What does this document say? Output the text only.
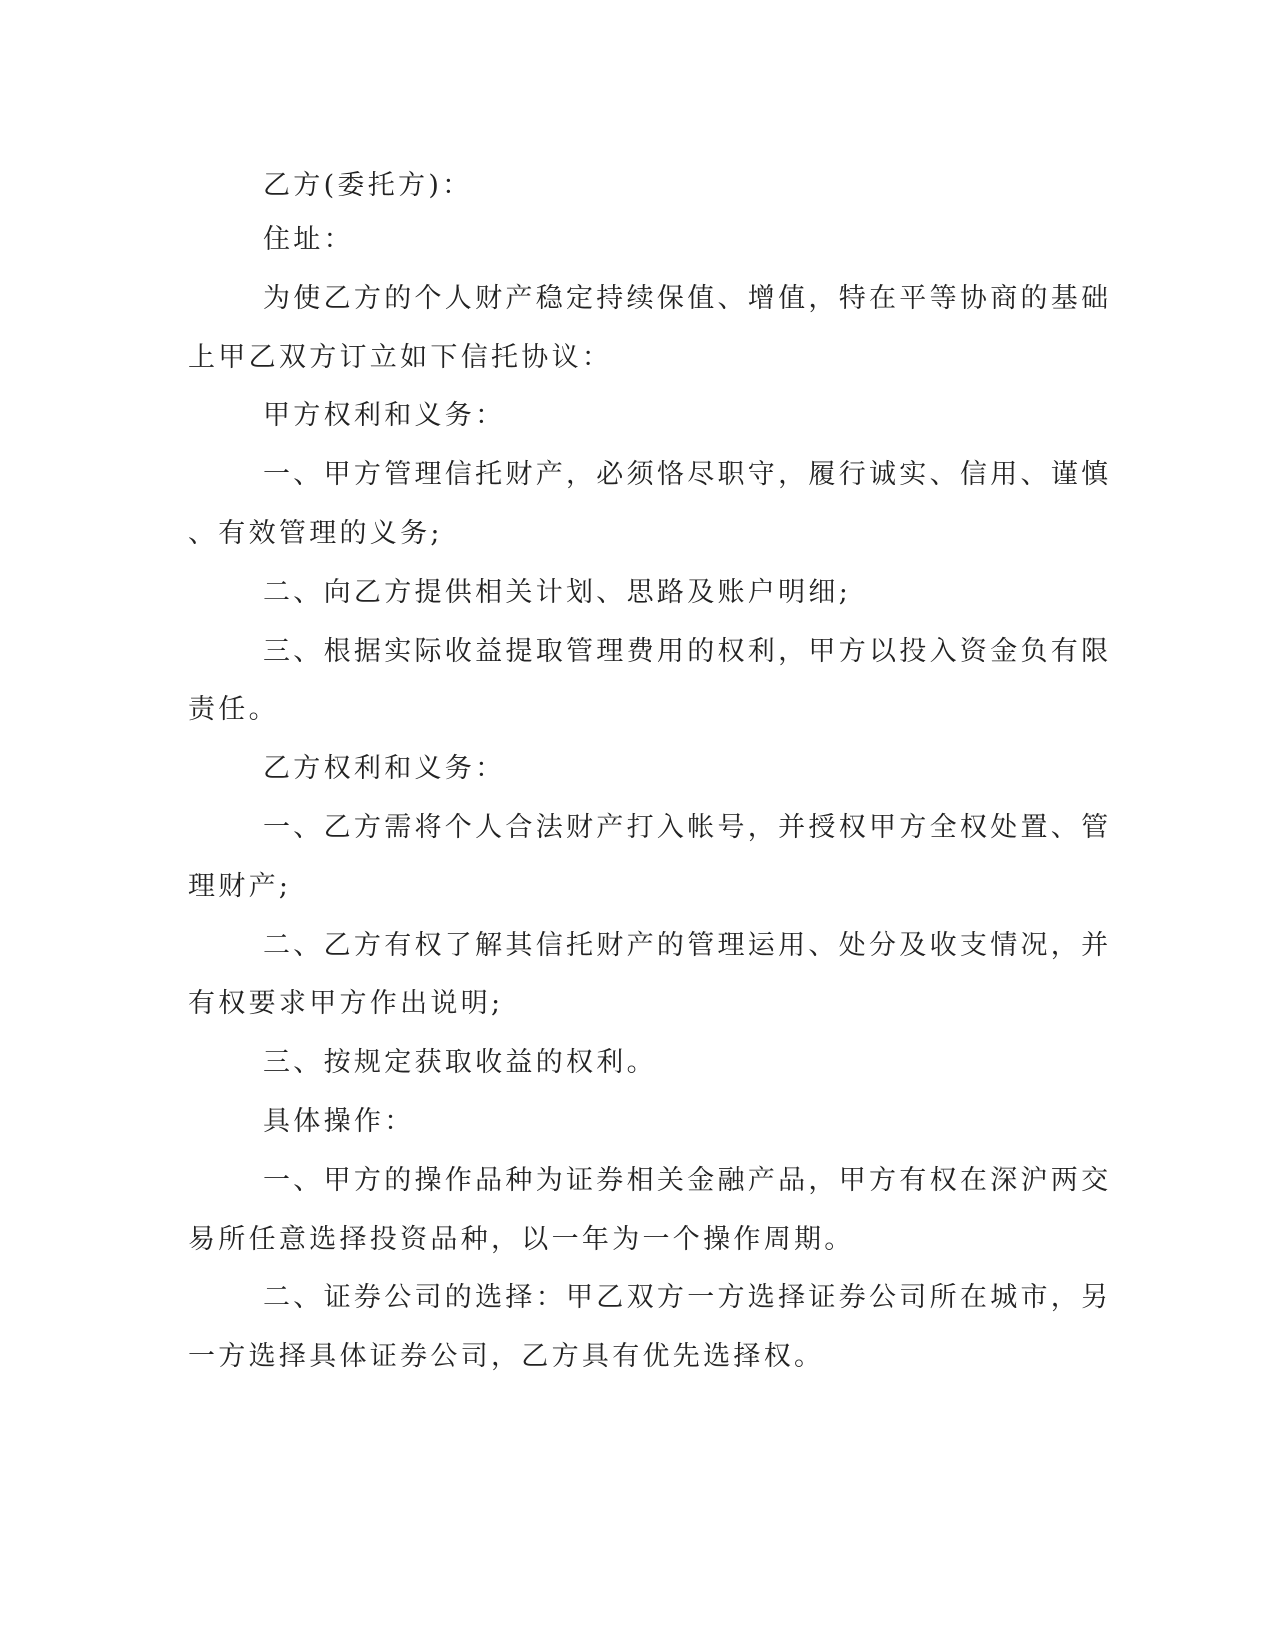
乙方(委托方)：
住址：
为使乙方的个人财产稳定持续保值、增值，特在平等协商的基础
上甲乙双方订立如下信托协议：
甲方权利和义务：
一、甲方管理信托财产，必须恪尽职守，履行诚实、信用、谨慎
、有效管理的义务;
二、向乙方提供相关计划、思路及账户明细;
三、根据实际收益提取管理费用的权利，甲方以投入资金负有限
责任。
乙方权利和义务：
一、乙方需将个人合法财产打入帐号，并授权甲方全权处置、管
理财产;
二、乙方有权了解其信托财产的管理运用、处分及收支情况，并
有权要求甲方作出说明;
三、按规定获取收益的权利。
具体操作：
一、甲方的操作品种为证券相关金融产品，甲方有权在深沪两交
易所任意选择投资品种，以一年为一个操作周期。
二、证券公司的选择：甲乙双方一方选择证券公司所在城市，另
一方选择具体证券公司，乙方具有优先选择权。
